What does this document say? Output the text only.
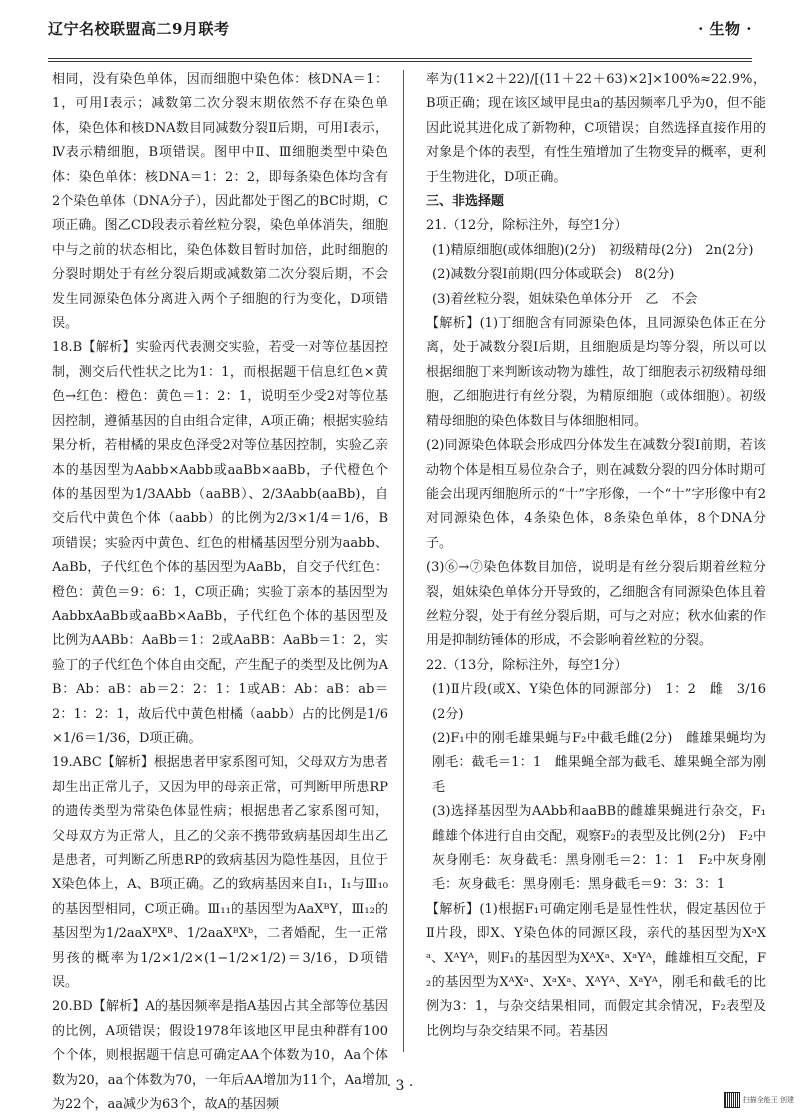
辽宁名校联盟高二9月联考	· 生物 ·

相同，没有染色单体，因而细胞中染色体：核DNA＝1：1，可用Ⅰ表示；减数第二次分裂末期依然不存在染色单体，染色体和核DNA数目同减数分裂Ⅱ后期，可用Ⅰ表示，Ⅳ表示精细胞，B项错误。图甲中Ⅱ、Ⅲ细胞类型中染色体：染色单体：核DNA＝1：2：2，即每条染色体均含有2个染色单体（DNA分子），因此都处于图乙的BC时期，C项正确。图乙CD段表示着丝粒分裂，染色单体消失，细胞中与之前的状态相比，染色体数目暂时加倍，此时细胞的分裂时期处于有丝分裂后期或减数第二次分裂后期，不会发生同源染色体分离进入两个子细胞的行为变化，D项错误。

18.B【解析】实验丙代表测交实验，若受一对等位基因控制，测交后代性状之比为1：1，而根据题干信息红色×黄色→红色：橙色：黄色＝1：2：1，说明至少受2对等位基因控制，遵循基因的自由组合定律，A项正确；根据实验结果分析，若柑橘的果皮色泽受2对等位基因控制，实验乙亲本的基因型为Aabb×Aabb或aaBb×aaBb，子代橙色个体的基因型为1/3AAbb（aaBB）、2/3Aabb(aaBb)，自交后代中黄色个体（aabb）的比例为2/3×1/4＝1/6，B项错误；实验丙中黄色、红色的柑橘基因型分别为aabb、AaBb，子代红色个体的基因型为AaBb，自交子代红色：橙色：黄色＝9：6：1，C项正确；实验丁亲本的基因型为AabbxAaBb或aaBb×AaBb，子代红色个体的基因型及比例为AABb：AaBb＝1：2或AaBB：AaBb＝1：2，实验丁的子代红色个体自由交配，产生配子的类型及比例为AB：Ab：aB：ab＝2：2：1：1或AB：Ab：aB：ab＝2：1：2：1，故后代中黄色柑橘（aabb）占的比例是1/6×1/6＝1/36，D项正确。

19.ABC【解析】根据患者甲家系图可知，父母双方为患者却生出正常儿子，又因为甲的母亲正常，可判断甲所患RP的遗传类型为常染色体显性病；根据患者乙家系图可知，父母双方为正常人，且乙的父亲不携带致病基因却生出乙是患者，可判断乙所患RP的致病基因为隐性基因，且位于X染色体上，A、B项正确。乙的致病基因来自Ⅰ₁，Ⅰ₁与Ⅲ₁₀的基因型相同，C项正确。Ⅲ₁₁的基因型为AaXᴮY，Ⅲ₁₂的基因型为1/2aaXᴮXᴮ、1/2aaXᴮXᵇ，二者婚配，生一正常男孩的概率为1/2×1/2×(1−1/2×1/2)＝3/16，D项错误。

20.BD【解析】A的基因频率是指A基因占其全部等位基因的比例，A项错误；假设1978年该地区甲昆虫种群有100个个体，则根据题干信息可确定AA个体数为10，Aa个体数为20，aa个体数为70，一年后AA增加为11个，Aa增加为22个，aa减少为63个，故A的基因频

率为(11×2＋22)/[(11＋22＋63)×2]×100%≈22.9%，B项正确；现在该区域甲昆虫a的基因频率几乎为0，但不能因此说其进化成了新物种，C项错误；自然选择直接作用的对象是个体的表型，有性生殖增加了生物变异的概率，更利于生物进化，D项正确。

三、非选择题

21.（12分，除标注外，每空1分）

(1)精原细胞(或体细胞)(2分)　初级精母(2分)　2n(2分)

(2)减数分裂Ⅰ前期(四分体或联会)　8(2分)

(3)着丝粒分裂，姐妹染色单体分开　乙　不会

【解析】(1)丁细胞含有同源染色体，且同源染色体正在分离，处于减数分裂Ⅰ后期，且细胞质是均等分裂，所以可以根据细胞丁来判断该动物为雄性，故丁细胞表示初级精母细胞，乙细胞进行有丝分裂，为精原细胞（或体细胞）。初级精母细胞的染色体数目与体细胞相同。

(2)同源染色体联会形成四分体发生在减数分裂Ⅰ前期，若该动物个体是相互易位杂合子，则在减数分裂的四分体时期可能会出现丙细胞所示的“十”字形像，一个“十”字形像中有2对同源染色体，4条染色体，8条染色单体，8个DNA分子。

(3)⑥→⑦染色体数目加倍，说明是有丝分裂后期着丝粒分裂，姐妹染色单体分开导致的，乙细胞含有同源染色体且着丝粒分裂，处于有丝分裂后期，可与之对应；秋水仙素的作用是抑制纺锤体的形成，不会影响着丝粒的分裂。

22.（13分，除标注外，每空1分）

(1)Ⅱ片段(或X、Y染色体的同源部分)　1：2　雌　3/16(2分)

(2)F₁中的刚毛雄果蝇与F₂中截毛雌(2分)　雌雄果蝇均为刚毛：截毛＝1：1　雌果蝇全部为截毛、雄果蝇全部为刚毛

(3)选择基因型为AAbb和aaBB的雌雄果蝇进行杂交，F₁雌雄个体进行自由交配，观察F₂的表型及比例(2分)　F₂中灰身刚毛：灰身截毛：黑身刚毛＝2：1：1　F₂中灰身刚毛：灰身截毛：黑身刚毛：黑身截毛＝9：3：3：1

【解析】(1)根据F₁可确定刚毛是显性性状，假定基因位于Ⅱ片段，即X、Y染色体的同源区段，亲代的基因型为XᵃXᵃ、XᴬYᴬ，则F₁的基因型为XᴬXᵃ、XᵃYᴬ，雌雄相互交配，F₂的基因型为XᴬXᵃ、XᵃXᵃ、XᴬYᴬ、XᵃYᴬ，刚毛和截毛的比例为3：1，与杂交结果相同，而假定其余情况，F₂表型及比例均与杂交结果不同。若基因

· 3 ·
扫描全能王 创建
